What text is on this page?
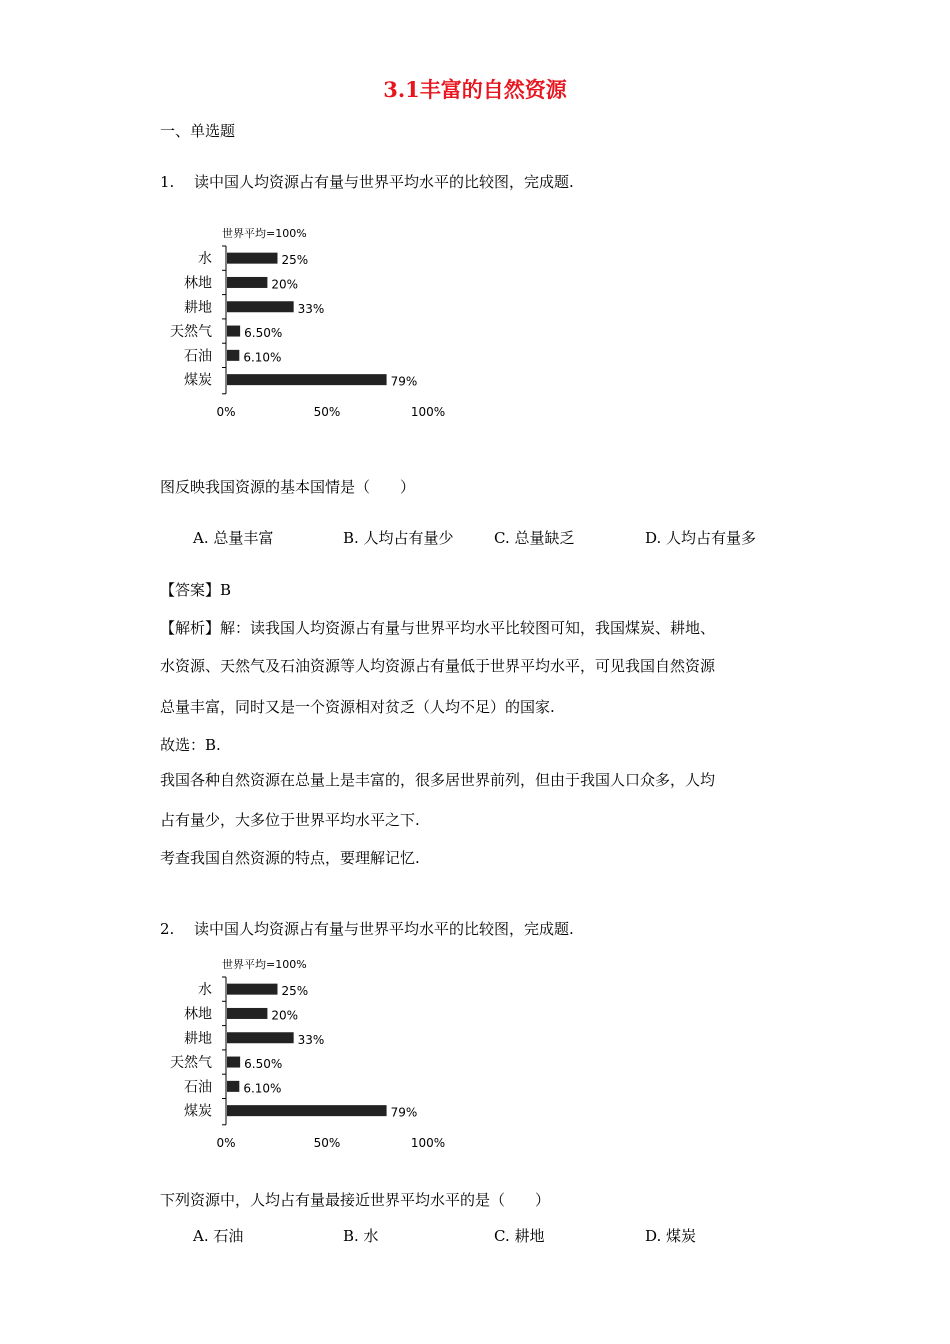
3.1丰富的自然资源
一、单选题
1. 读中国人均资源占有量与世界平均水平的比较图，完成题.
世界平均=100%
水	25%
林地	20%
耕地	33%
天然气	6.50%
石油	6.10%
煤炭	79%
0%	50%	100%
图反映我国资源的基本国情是（　　）
A. 总量丰富	B. 人均占有量少	C. 总量缺乏	D. 人均占有量多
【答案】B
【解析】解：读我国人均资源占有量与世界平均水平比较图可知，我国煤炭、耕地、
水资源、天然气及石油资源等人均资源占有量低于世界平均水平，可见我国自然资源
总量丰富，同时又是一个资源相对贫乏（人均不足）的国家.
故选：B.
我国各种自然资源在总量上是丰富的，很多居世界前列，但由于我国人口众多，人均
占有量少，大多位于世界平均水平之下.
考查我国自然资源的特点，要理解记忆.
2. 读中国人均资源占有量与世界平均水平的比较图，完成题.
世界平均=100%
水	25%
林地	20%
耕地	33%
天然气	6.50%
石油	6.10%
煤炭	79%
0%	50%	100%
下列资源中，人均占有量最接近世界平均水平的是（　　）
A. 石油	B. 水	C. 耕地	D. 煤炭
